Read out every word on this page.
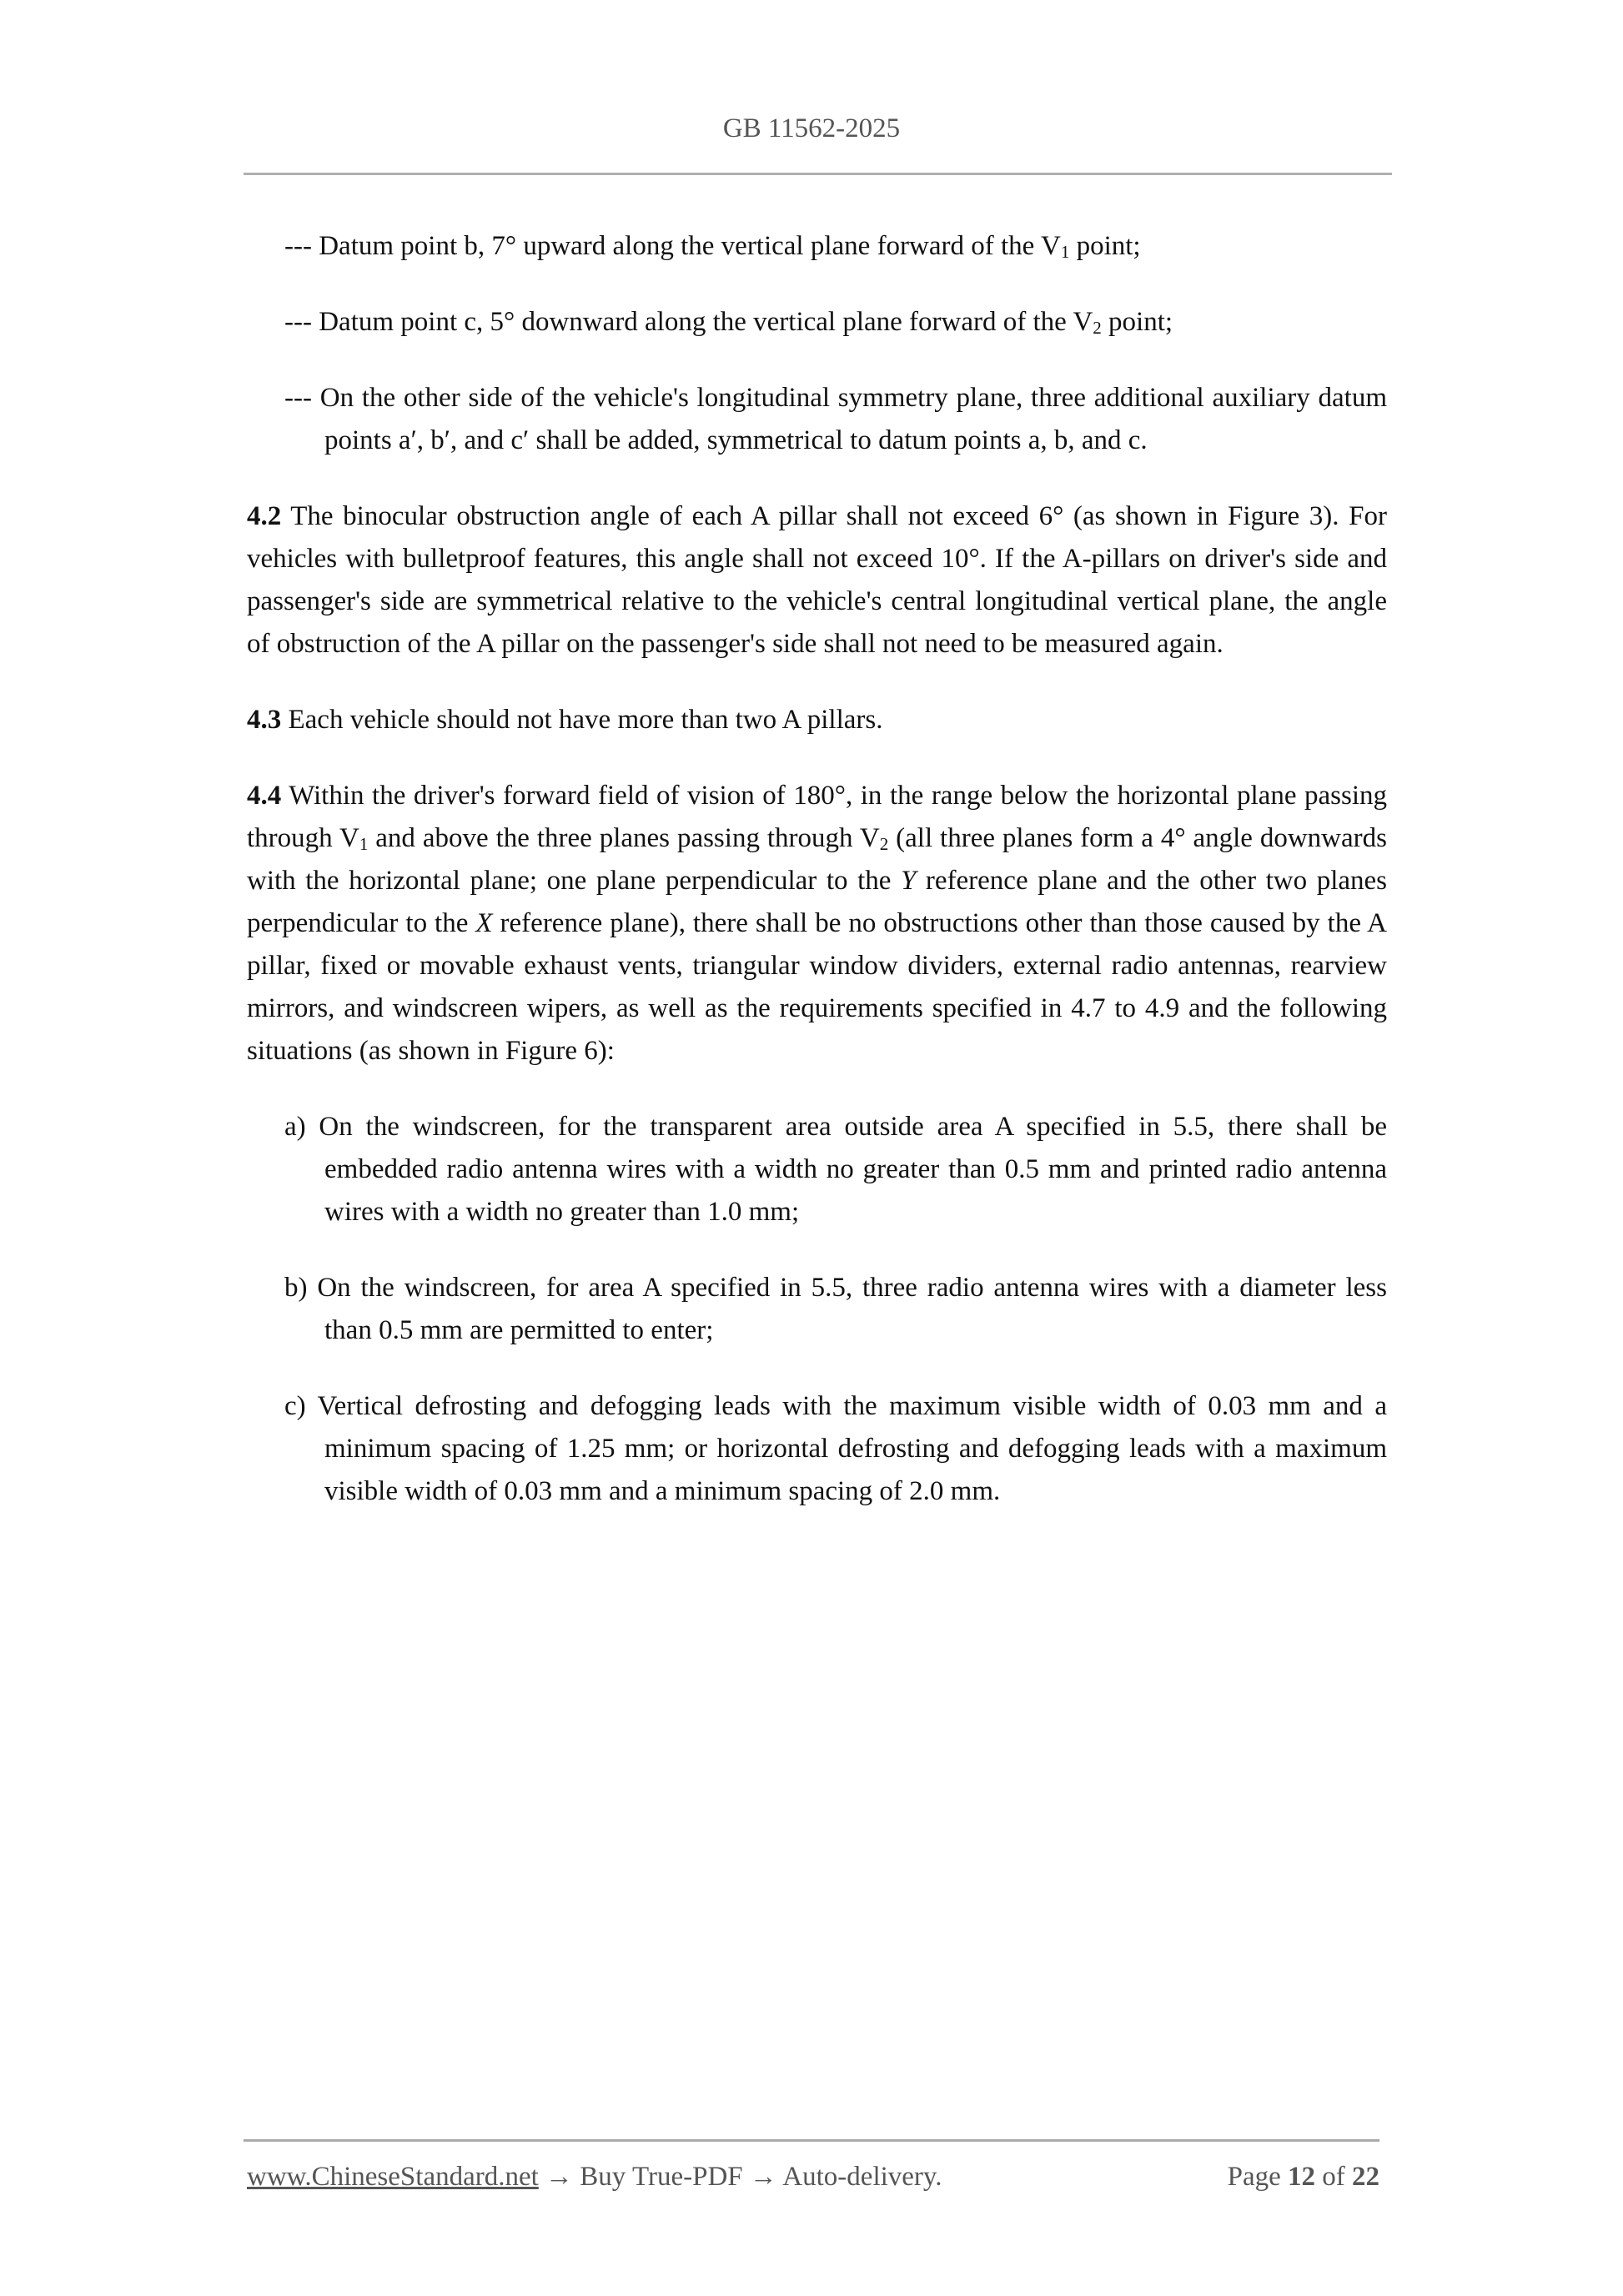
GB 11562-2025

--- Datum point b, 7° upward along the vertical plane forward of the $V_1$ point;

--- Datum point c, 5° downward along the vertical plane forward of the $V_2$ point;

--- On the other side of the vehicle's longitudinal symmetry plane, three additional auxiliary datum points a′, b′, and c′ shall be added, symmetrical to datum points a, b, and c.

4.2 The binocular obstruction angle of each A pillar shall not exceed 6° (as shown in Figure 3). For vehicles with bulletproof features, this angle shall not exceed 10°. If the A-pillars on driver's side and passenger's side are symmetrical relative to the vehicle's central longitudinal vertical plane, the angle of obstruction of the A pillar on the passenger's side shall not need to be measured again.

4.3 Each vehicle should not have more than two A pillars.

4.4 Within the driver's forward field of vision of 180°, in the range below the horizontal plane passing through $V_1$ and above the three planes passing through $V_2$ (all three planes form a 4° angle downwards with the horizontal plane; one plane perpendicular to the Y reference plane and the other two planes perpendicular to the X reference plane), there shall be no obstructions other than those caused by the A pillar, fixed or movable exhaust vents, triangular window dividers, external radio antennas, rearview mirrors, and windscreen wipers, as well as the requirements specified in 4.7 to 4.9 and the following situations (as shown in Figure 6):

a) On the windscreen, for the transparent area outside area A specified in 5.5, there shall be embedded radio antenna wires with a width no greater than 0.5 mm and printed radio antenna wires with a width no greater than 1.0 mm;

b) On the windscreen, for area A specified in 5.5, three radio antenna wires with a diameter less than 0.5 mm are permitted to enter;

c) Vertical defrosting and defogging leads with the maximum visible width of 0.03 mm and a minimum spacing of 1.25 mm; or horizontal defrosting and defogging leads with a maximum visible width of 0.03 mm and a minimum spacing of 2.0 mm.

www.ChineseStandard.net → Buy True-PDF → Auto-delivery.	Page 12 of 22
